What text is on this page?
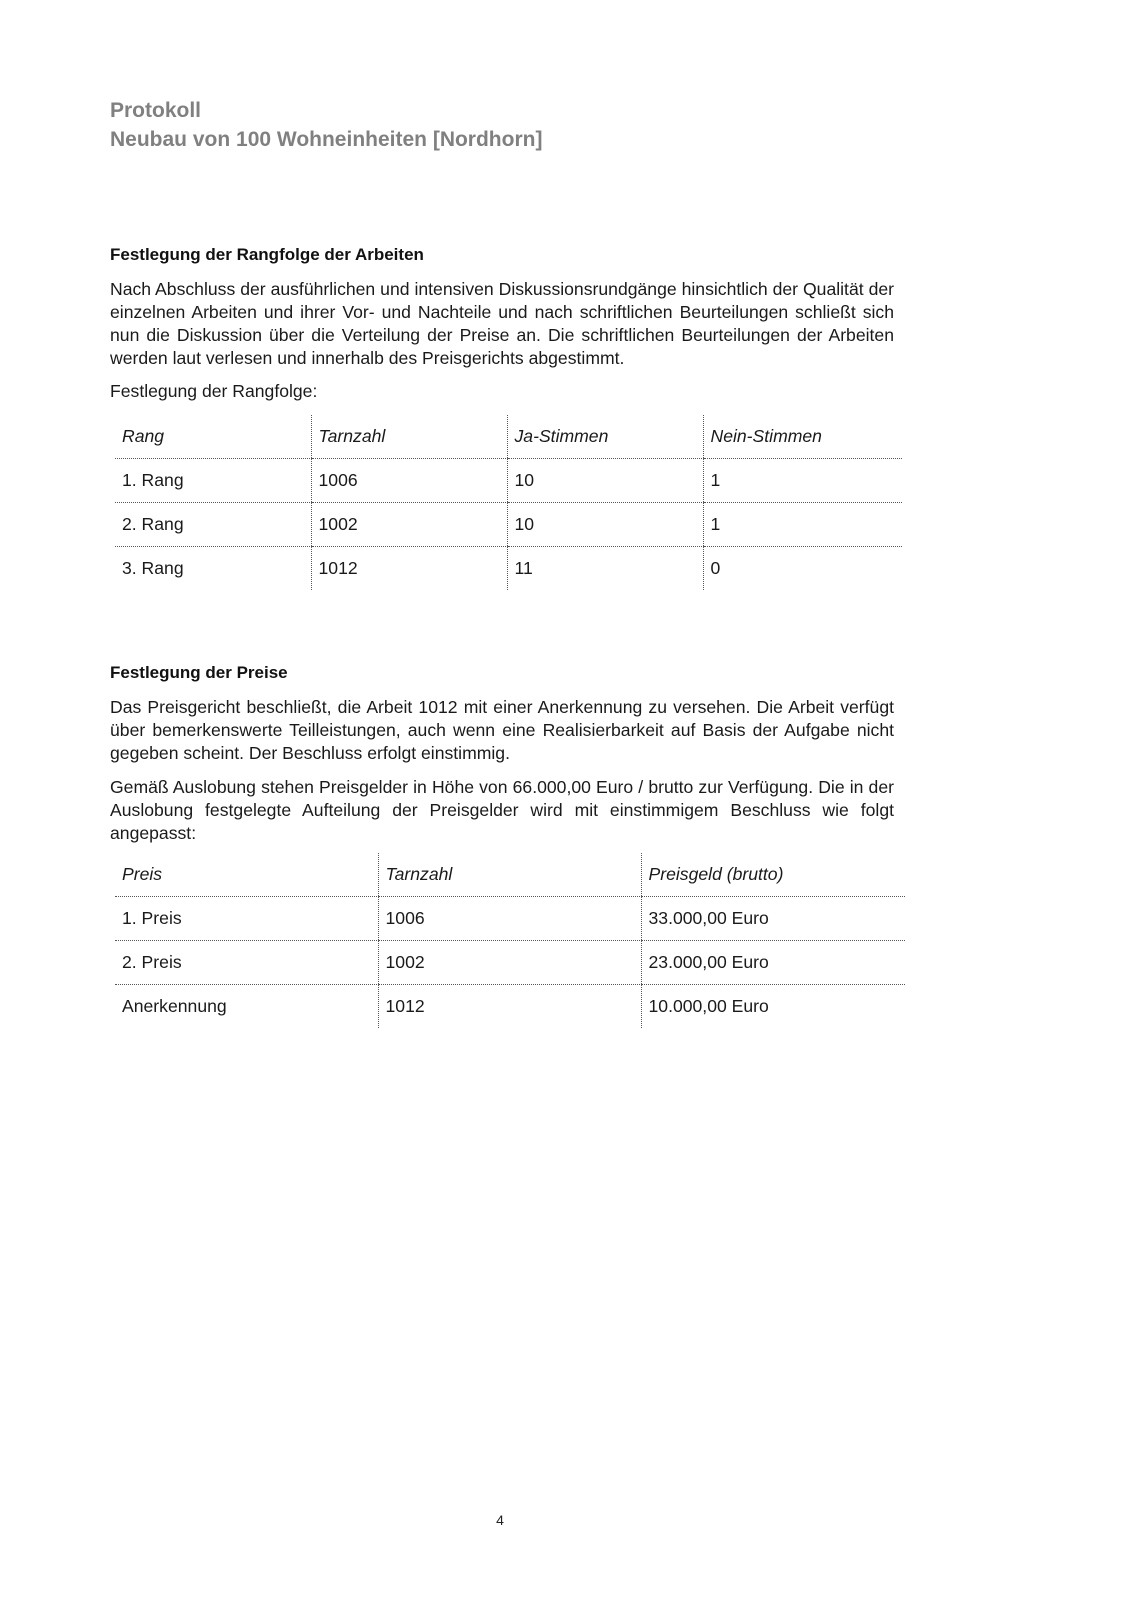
Protokoll
Neubau von 100 Wohneinheiten [Nordhorn]
Festlegung der Rangfolge der Arbeiten
Nach Abschluss der ausführlichen und intensiven Diskussionsrundgänge hinsichtlich der Qualität der einzelnen Arbeiten und ihrer Vor- und Nachteile und nach schriftlichen Beurteilungen schließt sich nun die Diskussion über die Verteilung der Preise an. Die schriftlichen Beurteilungen der Arbeiten werden laut verlesen und innerhalb des Preisgerichts abgestimmt.
Festlegung der Rangfolge:
Rang	Tarnzahl	Ja-Stimmen	Nein-Stimmen
1. Rang	1006	10	1
2. Rang	1002	10	1
3. Rang	1012	11	0
Festlegung der Preise
Das Preisgericht beschließt, die Arbeit 1012 mit einer Anerkennung zu versehen. Die Arbeit verfügt über bemerkenswerte Teilleistungen, auch wenn eine Realisierbarkeit auf Basis der Aufgabe nicht gegeben scheint. Der Beschluss erfolgt einstimmig.
Gemäß Auslobung stehen Preisgelder in Höhe von 66.000,00 Euro / brutto zur Verfügung. Die in der Auslobung festgelegte Aufteilung der Preisgelder wird mit einstimmigem Beschluss wie folgt angepasst:
Preis	Tarnzahl	Preisgeld (brutto)
1. Preis	1006	33.000,00 Euro
2. Preis	1002	23.000,00 Euro
Anerkennung	1012	10.000,00 Euro
4
